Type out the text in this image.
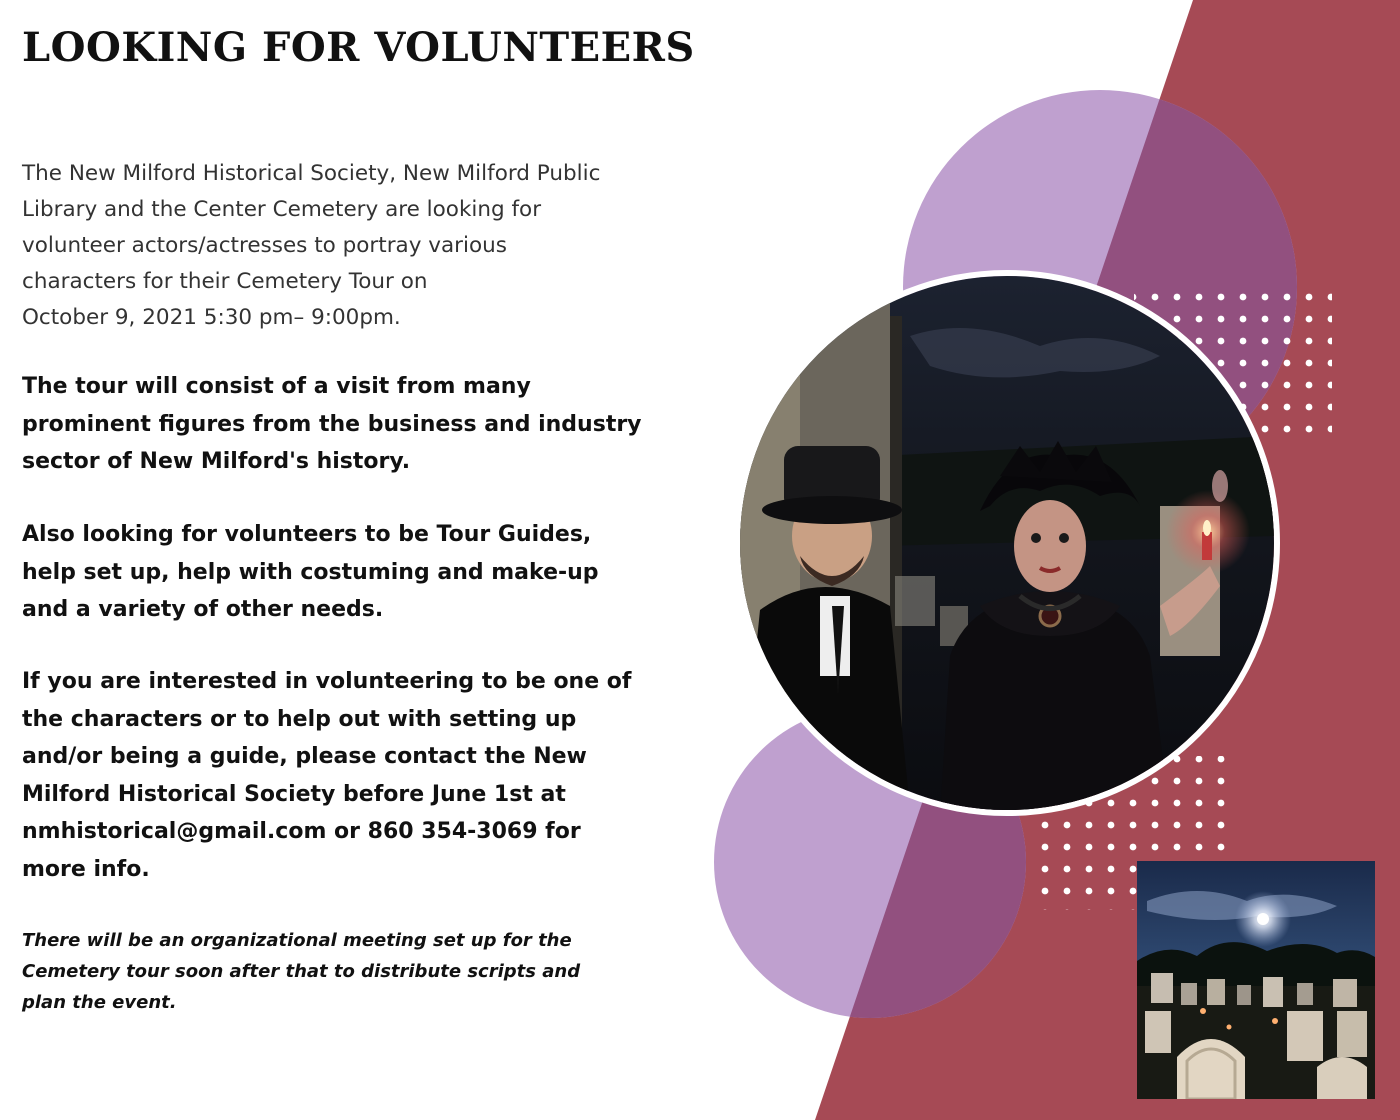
LOOKING FOR VOLUNTEERS

The New Milford Historical Society, New Milford Public
Library and the Center Cemetery are looking for
volunteer actors/actresses to portray various
characters for their Cemetery Tour on
October 9, 2021 5:30 pm– 9:00pm.

The tour will consist of a visit from many
prominent figures from the business and industry
sector of New Milford's history.

Also looking for volunteers to be Tour Guides,
help set up, help with costuming and make-up
and a variety of other needs.

If you are interested in volunteering to be one of
the characters or to help out with setting up
and/or being a guide, please contact the New
Milford Historical Society before June 1st at
nmhistorical@gmail.com or 860 354-3069 for
more info.

There will be an organizational meeting set up for the
Cemetery tour soon after that to distribute scripts and
plan the event.
